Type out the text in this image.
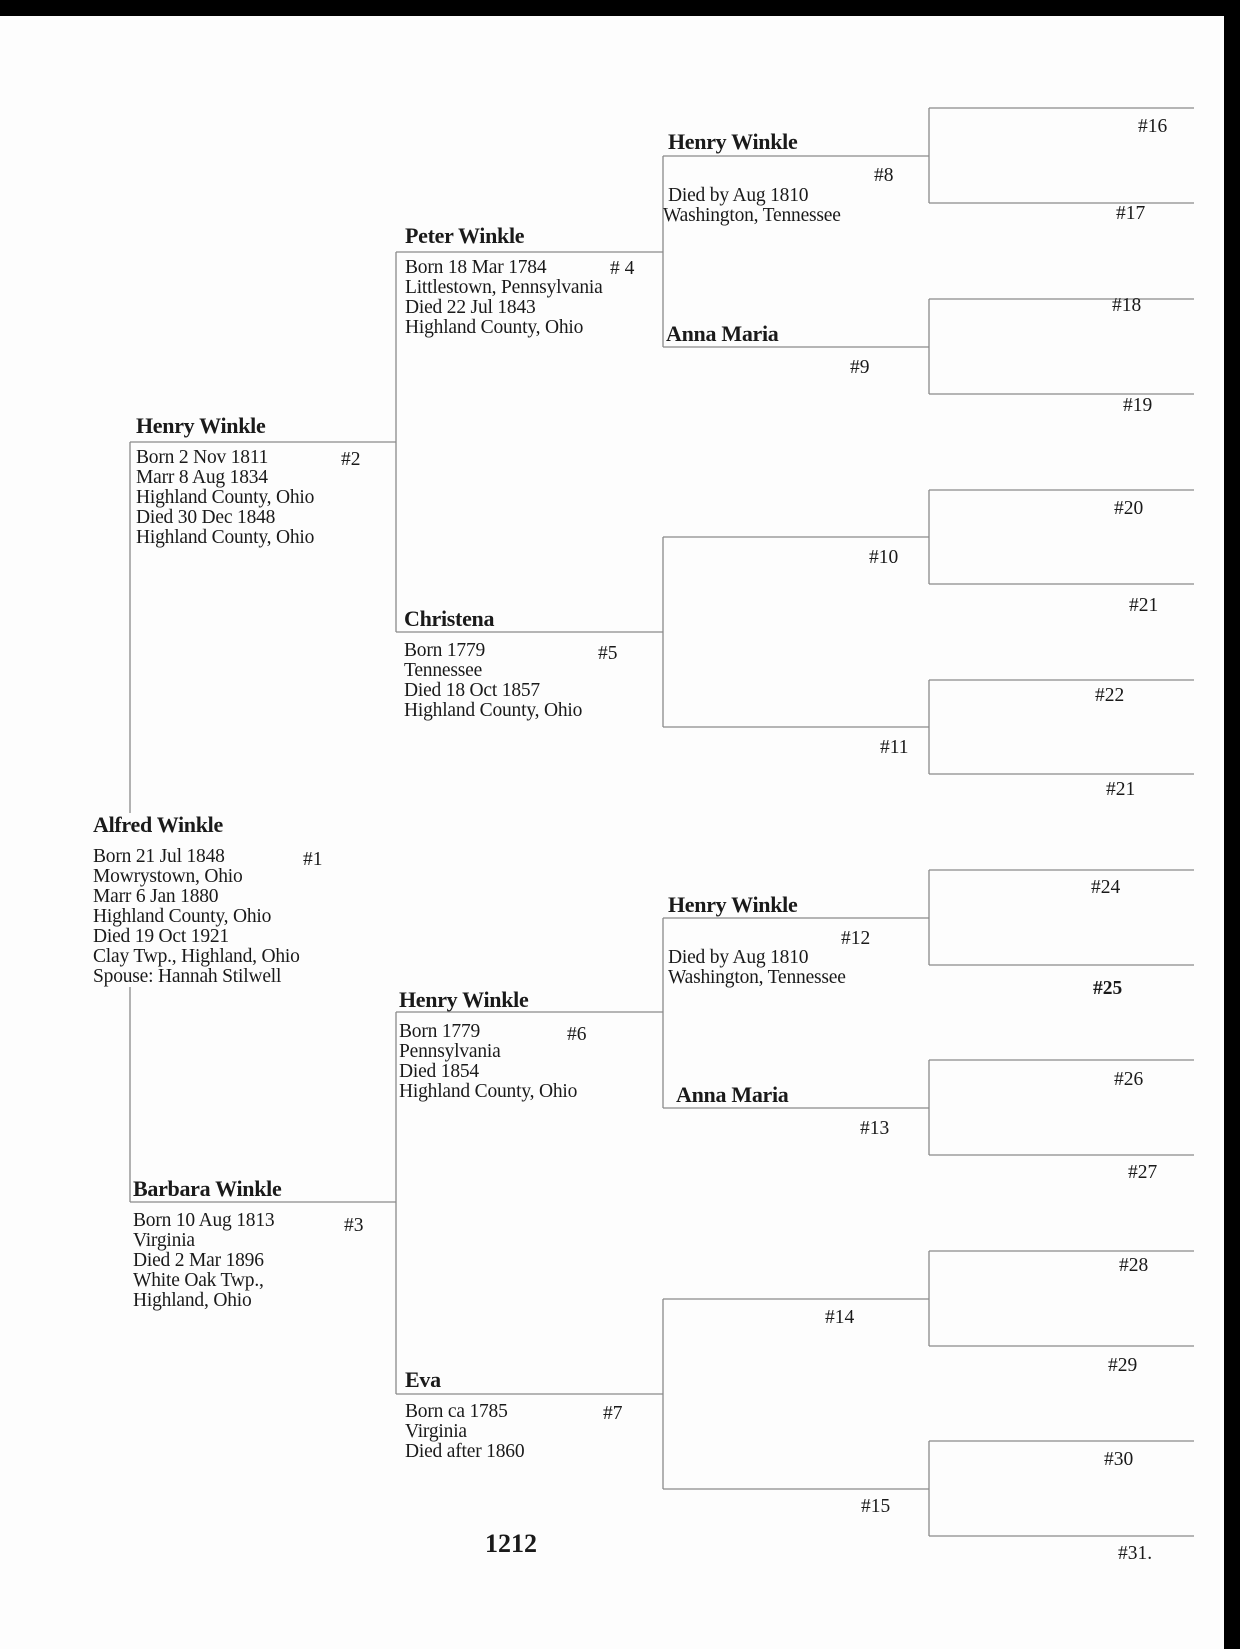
Alfred Winkle
Born 21 Jul 1848
Mowrystown, Ohio
Marr 6 Jan 1880
Highland County, Ohio
Died 19 Oct 1921
Clay Twp., Highland, Ohio
Spouse: Hannah Stilwell
#1
Henry Winkle
Born 2 Nov 1811
Marr 8 Aug 1834
Highland County, Ohio
Died 30 Dec 1848
Highland County, Ohio
#2
Barbara Winkle
Born 10 Aug 1813
Virginia
Died 2 Mar 1896
White Oak Twp.,
Highland, Ohio
#3
Peter Winkle
Born 18 Mar 1784
Littlestown, Pennsylvania
Died 22 Jul 1843
Highland County, Ohio
# 4
Christena
Born 1779
Tennessee
Died 18 Oct 1857
Highland County, Ohio
#5
Henry Winkle
Born 1779
Pennsylvania
Died 1854
Highland County, Ohio
#6
Eva
Born ca 1785
Virginia
Died after 1860
#7
Henry Winkle
Died by Aug 1810
Washington, Tennessee
#8
Anna Maria
#9
#10
#11
Henry Winkle
Died by Aug 1810
Washington, Tennessee
#12
Anna Maria
#13
#14
#15
#16
#17
#18
#19
#20
#21
#22
#21
#24
#25
#26
#27
#28
#29
#30
#31.
1212
